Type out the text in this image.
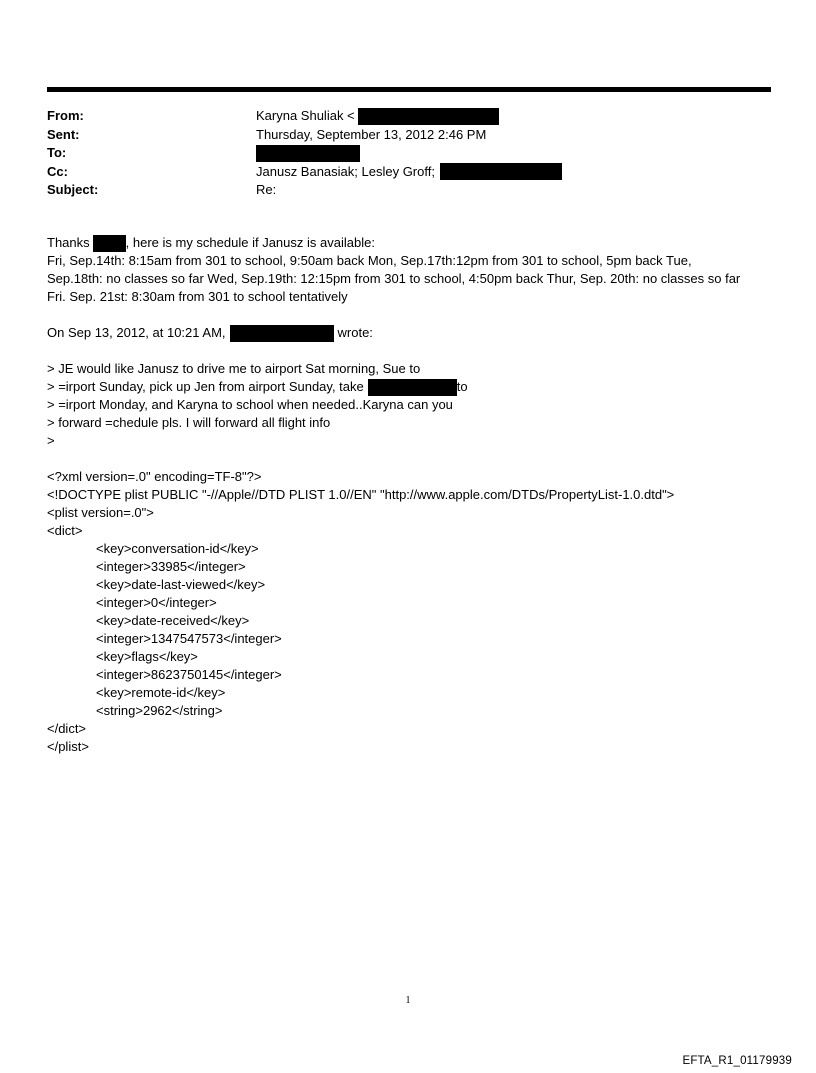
From:	Karyna Shuliak <
Sent:	Thursday, September 13, 2012 2:46 PM
To:
Cc:	Janusz Banasiak; Lesley Groff;
Subject:	Re:
Thanks	, here is my schedule if Janusz is available:
Fri, Sep.14th: 8:15am from 301 to school, 9:50am back Mon, Sep.17th:12pm from 301 to school, 5pm back Tue,
Sep.18th: no classes so far Wed, Sep.19th: 12:15pm from 301 to school, 4:50pm back Thur, Sep. 20th: no classes so far
Fri. Sep. 21st: 8:30am from 301 to school tentatively
On Sep 13, 2012, at 10:21 AM,	wrote:
> JE would like Janusz to drive me to airport Sat morning, Sue to
> =irport Sunday, pick up Jen from airport Sunday, take	to
> =irport Monday, and Karyna to school when needed..Karyna can you
> forward =chedule pls. I will forward all flight info
>
<?xml version=.0" encoding=TF-8"?>
<!DOCTYPE plist PUBLIC "-//Apple//DTD PLIST 1.0//EN" "http://www.apple.com/DTDs/PropertyList-1.0.dtd">
<plist version=.0">
<dict>
<key>conversation-id</key>
<integer>33985</integer>
<key>date-last-viewed</key>
<integer>0</integer>
<key>date-received</key>
<integer>1347547573</integer>
<key>flags</key>
<integer>8623750145</integer>
<key>remote-id</key>
<string>2962</string>
</dict>
</plist>
1
EFTA_R1_01179939
